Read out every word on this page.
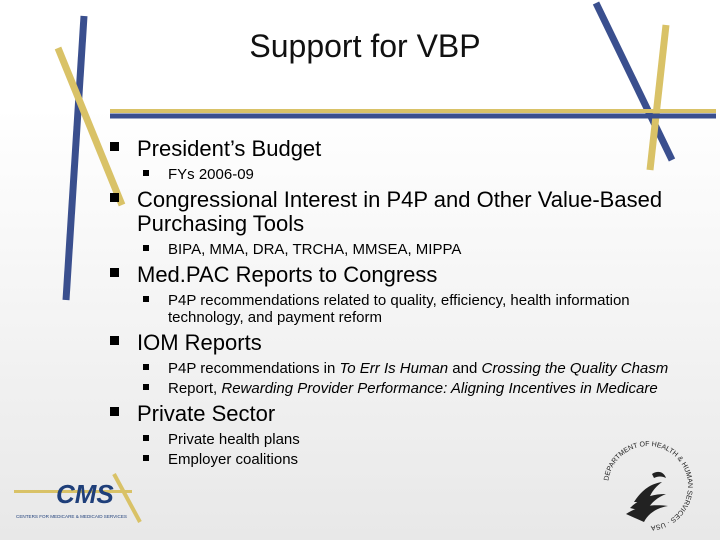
Support for VBP
President’s Budget
FYs 2006-09
Congressional Interest in P4P and Other Value-Based Purchasing Tools
BIPA, MMA, DRA, TRCHA, MMSEA, MIPPA
Med.PAC Reports to Congress
P4P recommendations related to quality, efficiency, health information technology, and payment reform
IOM Reports
P4P recommendations in To Err Is Human and Crossing the Quality Chasm
Report, Rewarding Provider Performance: Aligning Incentives in Medicare
Private Sector
Private health plans
Employer coalitions
CMS
CENTERS FOR MEDICARE & MEDICAID SERVICES
DEPARTMENT OF HEALTH & HUMAN SERVICES · USA
